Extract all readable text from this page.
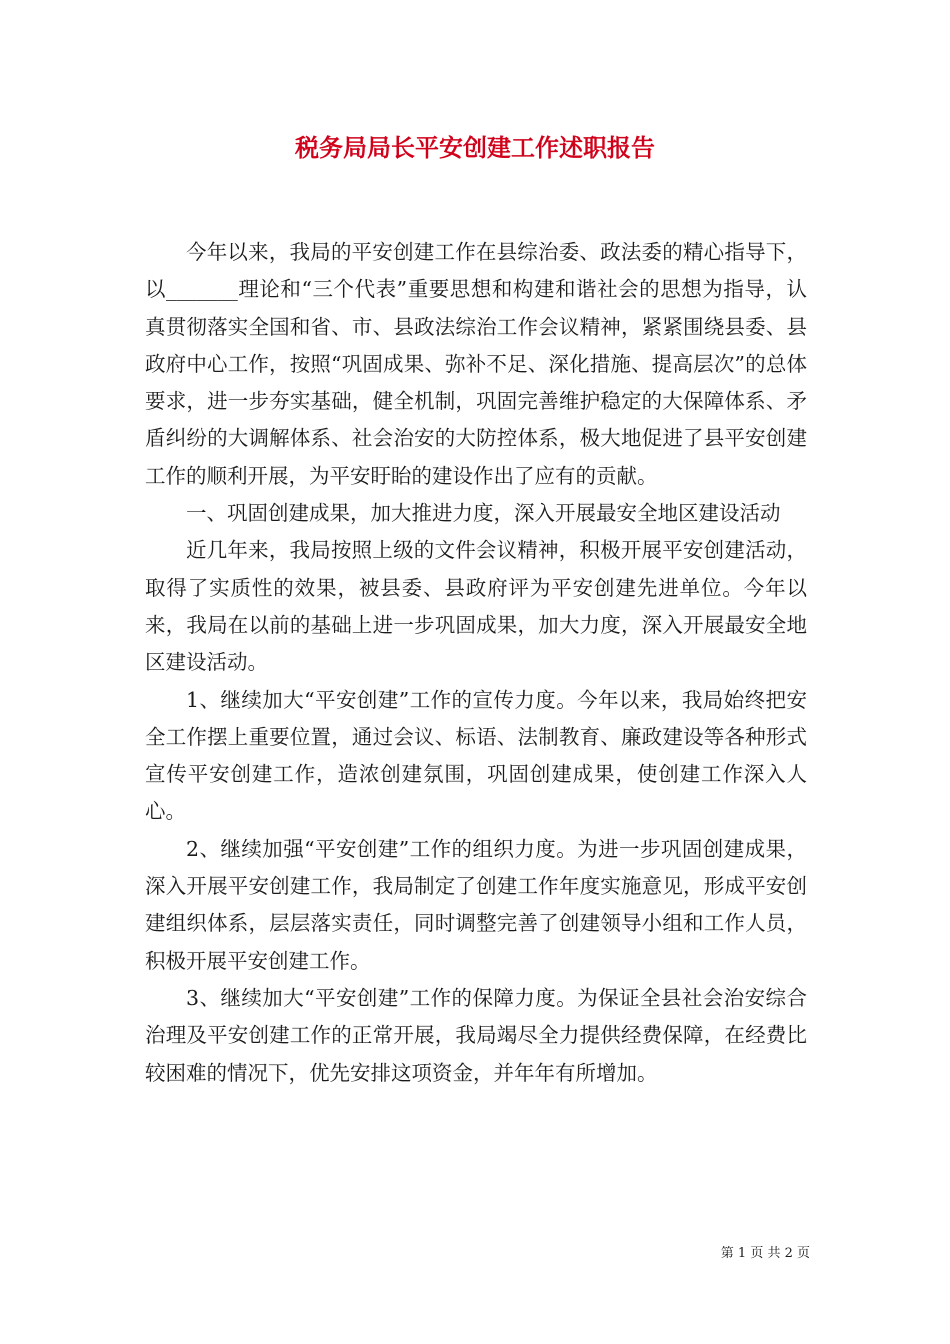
税务局局长平安创建工作述职报告

今年以来，我局的平安创建工作在县综治委、政法委的精心指导下，以_______理论和“三个代表”重要思想和构建和谐社会的思想为指导，认真贯彻落实全国和省、市、县政法综治工作会议精神，紧紧围绕县委、县政府中心工作，按照“巩固成果、弥补不足、深化措施、提高层次”的总体要求，进一步夯实基础，健全机制，巩固完善维护稳定的大保障体系、矛盾纠纷的大调解体系、社会治安的大防控体系，极大地促进了县平安创建工作的顺利开展，为平安盱眙的建设作出了应有的贡献。

一、巩固创建成果，加大推进力度，深入开展最安全地区建设活动

近几年来，我局按照上级的文件会议精神，积极开展平安创建活动，取得了实质性的效果，被县委、县政府评为平安创建先进单位。今年以来，我局在以前的基础上进一步巩固成果，加大力度，深入开展最安全地区建设活动。

1、继续加大“平安创建”工作的宣传力度。今年以来，我局始终把安全工作摆上重要位置，通过会议、标语、法制教育、廉政建设等各种形式宣传平安创建工作，造浓创建氛围，巩固创建成果，使创建工作深入人心。

2、继续加强“平安创建”工作的组织力度。为进一步巩固创建成果，深入开展平安创建工作，我局制定了创建工作年度实施意见，形成平安创建组织体系，层层落实责任，同时调整完善了创建领导小组和工作人员，积极开展平安创建工作。

3、继续加大“平安创建”工作的保障力度。为保证全县社会治安综合治理及平安创建工作的正常开展，我局竭尽全力提供经费保障，在经费比较困难的情况下，优先安排这项资金，并年年有所增加。

第 1 页 共 2 页
